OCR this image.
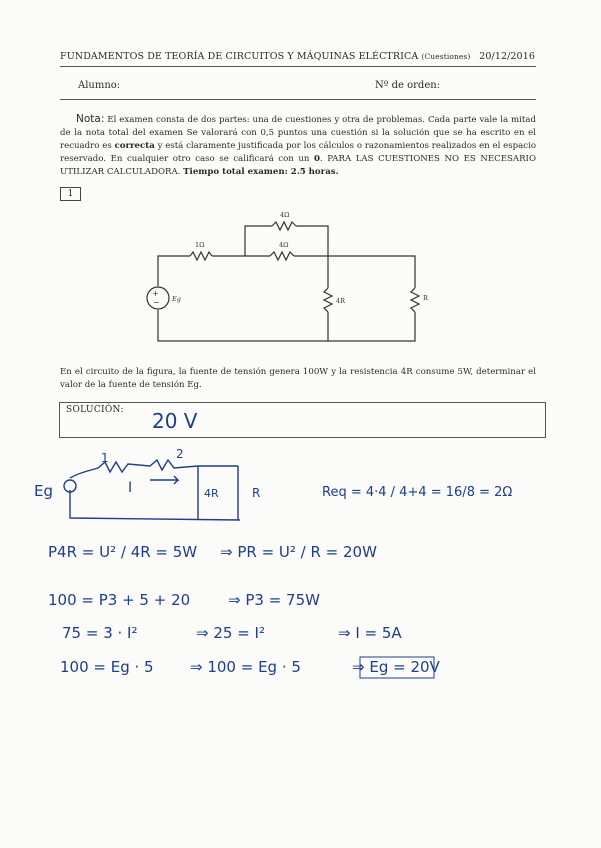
FUNDAMENTOS DE TEORÍA DE CIRCUITOS Y MÁQUINAS ELÉCTRICA (Cuestiones) 20/12/2016
Alumno:	Nº de orden:
Nota: El examen consta de dos partes: una de cuestiones y otra de problemas. Cada parte vale la mitad de la nota total del examen Se valorará con 0,5 puntos una cuestión si la solución que se ha escrito en el recuadro es correcta y está claramente justificada por los cálculos o razonamientos realizados en el espacio reservado. En cualquier otro caso se calificará con un 0. PARA LAS CUESTIONES NO ES NECESARIO UTILIZAR CALCULADORA. Tiempo total examen: 2.5 horas.
1
+
−
4Ω
1Ω	4Ω
4R	R
Eg
20 V
1	2
I
Eg	4R	R	Req = 4·4 / 4+4 = 16/8 = 2Ω
P4R = U² / 4R = 5W ⇒ PR = U² / R = 20W
100 = P3 + 5 + 20	⇒ P3 = 75W
75 = 3 · I²	⇒ 25 = I²	⇒ I = 5A
100 = Eg · 5 ⇒ 100 = Eg · 5	⇒ Eg = 20V
En el circuito de la figura, la fuente de tensión genera 100W y la resistencia 4R consume 5W, determinar el valor de la fuente de tensión Eg.
SOLUCIÓN:
